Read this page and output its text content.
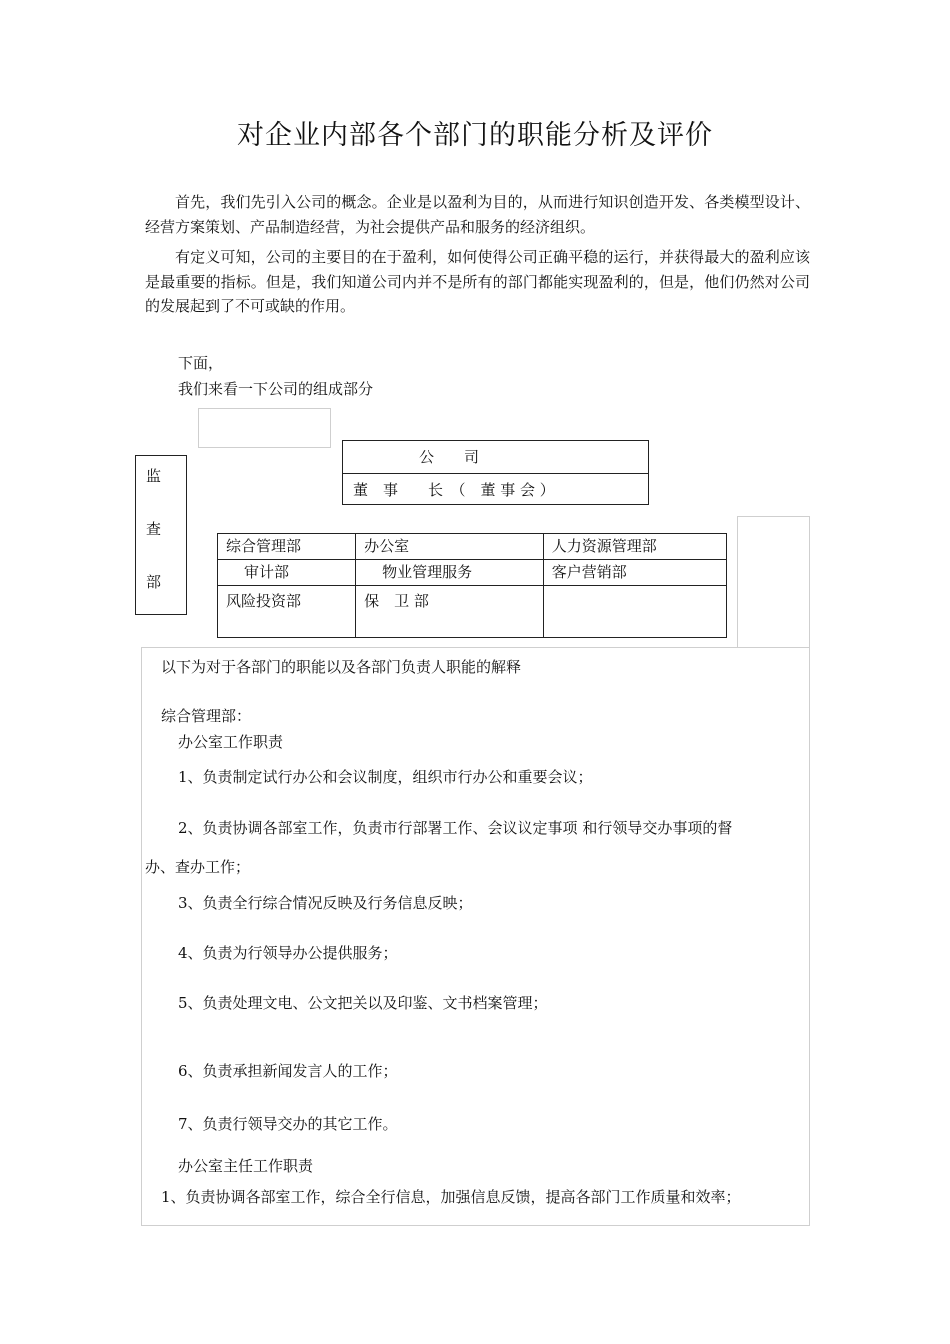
对企业内部各个部门的职能分析及评价
首先，我们先引入公司的概念。企业是以盈利为目的，从而进行知识创造开发、各类模型设计、经营方案策划、产品制造经营，为社会提供产品和服务的经济组织。
有定义可知，公司的主要目的在于盈利，如何使得公司正确平稳的运行，并获得最大的盈利应该是最重要的指标。但是，我们知道公司内并不是所有的部门都能实现盈利的，但是，他们仍然对公司的发展起到了不可或缺的作用。
下面，
我们来看一下公司的组成部分
公　　司
董　事　　长　（　董 事 会 ）
监
查
部
综合管理部	办公室	人力资源管理部
审计部	物业管理服务	客户营销部
风险投资部	保　卫 部	
以下为对于各部门的职能以及各部门负责人职能的解释
综合管理部：
办公室工作职责
1、负责制定试行办公和会议制度，组织市行办公和重要会议；
2、负责协调各部室工作，负责市行部署工作、会议议定事项 和行领导交办事项的督
办、查办工作；
3、负责全行综合情况反映及行务信息反映；
4、负责为行领导办公提供服务；
5、负责处理文电、公文把关以及印鉴、文书档案管理；
6、负责承担新闻发言人的工作；
7、负责行领导交办的其它工作。
办公室主任工作职责
1、负责协调各部室工作，综合全行信息，加强信息反馈，提高各部门工作质量和效率；
